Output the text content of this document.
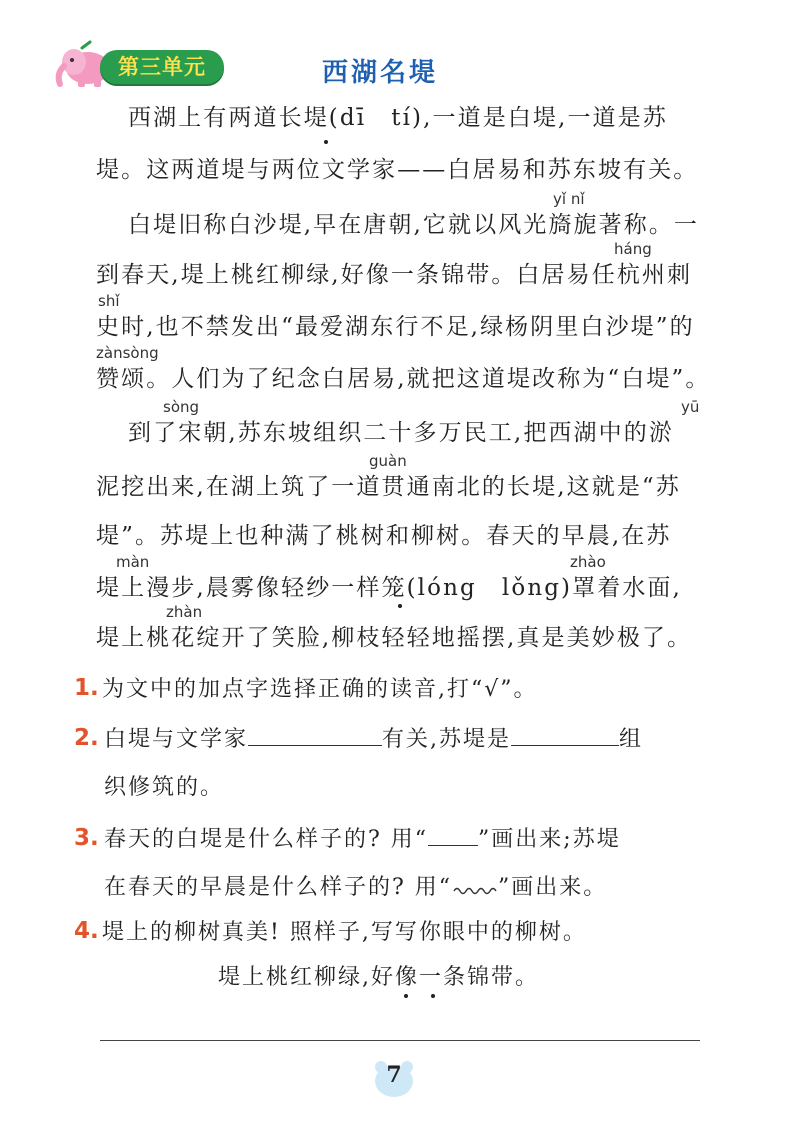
第三单元	西湖名堤
西湖上有两道长堤(dī　tí),一道是白堤,一道是苏
堤。这两道堤与两位文学家——白居易和苏东坡有关。
yǐ nǐ
白堤旧称白沙堤,早在唐朝,它就以风光旖旎著称。一
háng
到春天,堤上桃红柳绿,好像一条锦带。白居易任杭州刺
shǐ
史时,也不禁发出“最爱湖东行不足,绿杨阴里白沙堤”的
zànsòng
赞颂。人们为了纪念白居易,就把这道堤改称为“白堤”。
sòng	yū
到了宋朝,苏东坡组织二十多万民工,把西湖中的淤
guàn
泥挖出来,在湖上筑了一道贯通南北的长堤,这就是“苏
堤”。苏堤上也种满了桃树和柳树。春天的早晨,在苏
màn	zhào
堤上漫步,晨雾像轻纱一样笼(lóng　lǒng)罩着水面,
zhàn
堤上桃花绽开了笑脸,柳枝轻轻地摇摆,真是美妙极了。
1. 为文中的加点字选择正确的读音,打“√”。
2. 白堤与文学家	有关,苏堤是	组
织修筑的。
3. 春天的白堤是什么样子的? 用“ ”画出来;苏堤
在春天的早晨是什么样子的? 用“ ”画出来。
4. 堤上的柳树真美! 照样子,写写你眼中的柳树。
堤上桃红柳绿,好像一条锦带。
7
